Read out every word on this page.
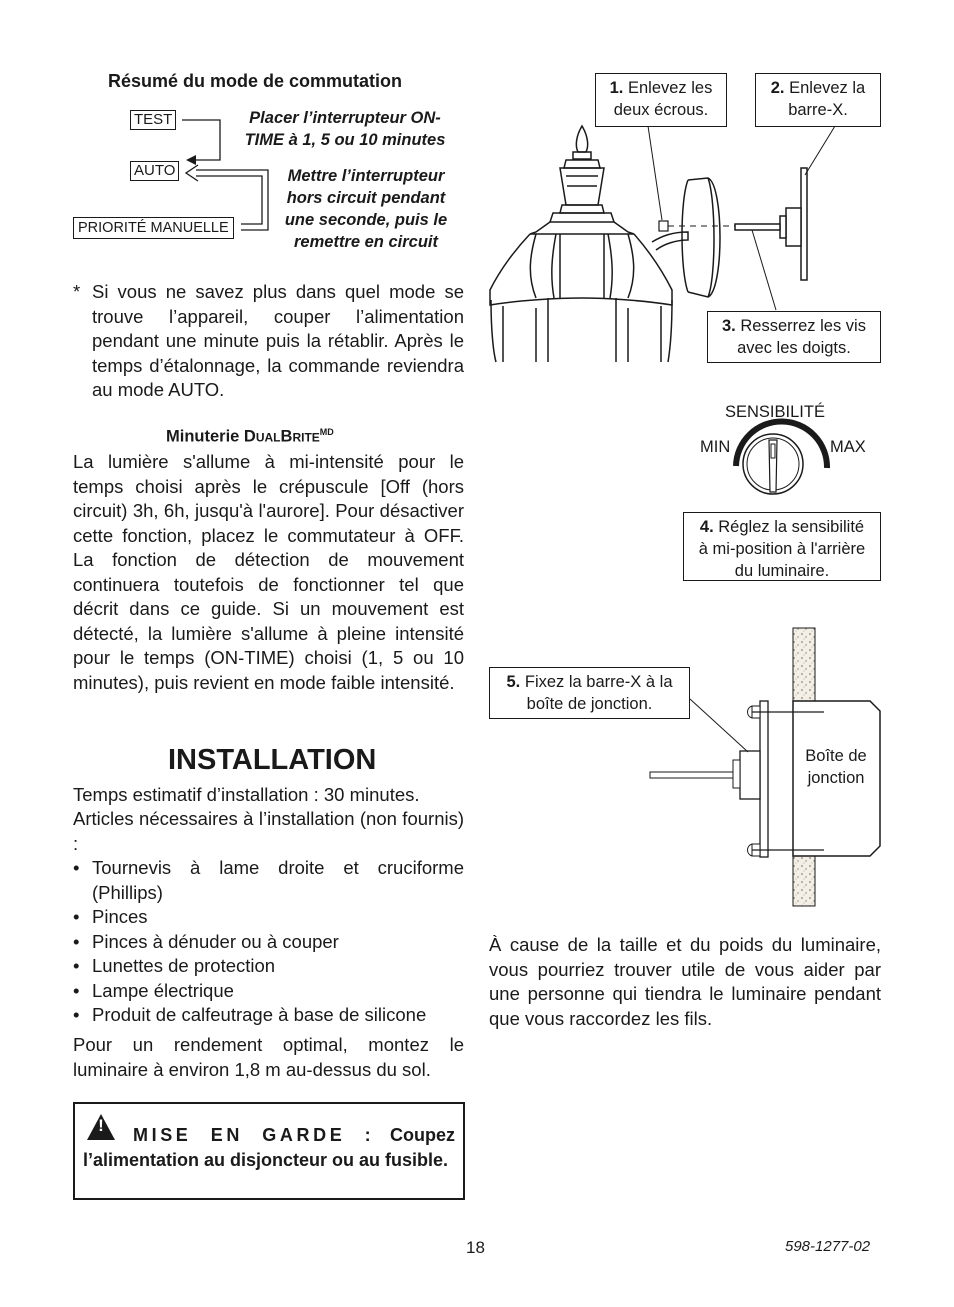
Résumé du mode de commutation
TEST
AUTO
PRIORITÉ MANUELLE
Placer l’interrupteur ON-
TIME à 1, 5 ou 10 minutes
Mettre l’interrupteur
hors circuit pendant
une seconde, puis le
remettre en circuit
* Si vous ne savez plus dans quel mode se trouve l’appareil, couper l’alimentation pendant une minute puis la rétablir. Après le temps d’étalonnage, la commande reviendra au mode AUTO.
Minuterie $DUALBRITE^{MD}$
La lumière s'allume à mi-intensité pour le temps choisi après le crépuscule [Off (hors circuit) 3h, 6h, jusqu'à l'aurore]. Pour désactiver cette fonction, placez le commutateur à OFF. La fonction de détection de mouvement continuera toutefois de fonctionner tel que décrit dans ce guide. Si un mouvement est détecté, la lumière s'allume à pleine intensité pour le temps (ON-TIME) choisi (1, 5 ou 10 minutes), puis revient en mode faible intensité.
INSTALLATION
Temps estimatif d’installation : 30 minutes.
Articles nécessaires à l’installation (non fournis) :
• Tournevis à lame droite et cruciforme (Phillips)
• Pinces
• Pinces à dénuder ou à couper
• Lunettes de protection
• Lampe électrique
• Produit de calfeutrage à base de silicone
Pour un rendement optimal, montez le luminaire à environ 1,8 m au-dessus du sol.
!	MISE EN GARDE : Coupez l’alimentation au disjoncteur ou au fusible.
1. Enlevez les
deux écrous.
2. Enlevez la
barre-X.
3. Resserrez les vis
avec les doigts.
SENSIBILITÉ
MIN	MAX
4. Réglez la sensibilité
à mi-position à l'arrière
du luminaire.
5. Fixez la barre-X à la
boîte de jonction.
Boîte de
jonction
À cause de la taille et du poids du luminaire, vous pourriez trouver utile de vous aider par une personne qui tiendra le luminaire pendant que vous raccordez les fils.
18	598-1277-02
